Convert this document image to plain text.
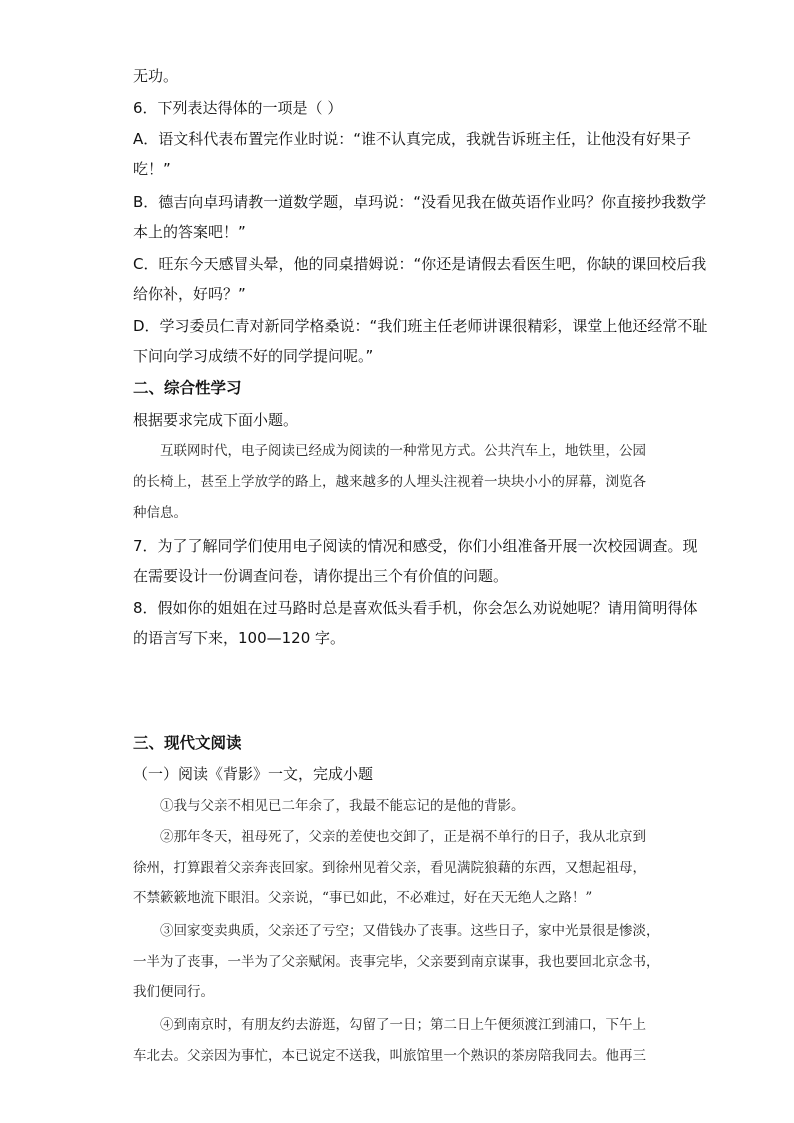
无功。
6．下列表达得体的一项是（ ）
A．语文科代表布置完作业时说：“谁不认真完成，我就告诉班主任，让他没有好果子
吃！”
B．德吉向卓玛请教一道数学题，卓玛说：“没看见我在做英语作业吗？你直接抄我数学
本上的答案吧！”
C．旺东今天感冒头晕，他的同桌措姆说：“你还是请假去看医生吧，你缺的课回校后我
给你补，好吗？”
D．学习委员仁青对新同学格桑说：“我们班主任老师讲课很精彩，课堂上他还经常不耻
下问向学习成绩不好的同学提问呢。”
二、综合性学习
根据要求完成下面小题。
互联网时代，电子阅读已经成为阅读的一种常见方式。公共汽车上，地铁里，公园
的长椅上，甚至上学放学的路上，越来越多的人埋头注视着一块块小小的屏幕，浏览各
种信息。
7．为了了解同学们使用电子阅读的情况和感受，你们小组准备开展一次校园调查。现
在需要设计一份调查问卷，请你提出三个有价值的问题。
8．假如你的姐姐在过马路时总是喜欢低头看手机，你会怎么劝说她呢？请用简明得体
的语言写下来，100—120 字。
三、现代文阅读
（一）阅读《背影》一文，完成小题
①我与父亲不相见已二年余了，我最不能忘记的是他的背影。
②那年冬天，祖母死了，父亲的差使也交卸了，正是祸不单行的日子，我从北京到
徐州，打算跟着父亲奔丧回家。到徐州见着父亲，看见满院狼藉的东西，又想起祖母，
不禁簌簌地流下眼泪。父亲说，“事已如此，不必难过，好在天无绝人之路！”
③回家变卖典质，父亲还了亏空；又借钱办了丧事。这些日子，家中光景很是惨淡，
一半为了丧事，一半为了父亲赋闲。丧事完毕，父亲要到南京谋事，我也要回北京念书，
我们便同行。
④到南京时，有朋友约去游逛，勾留了一日；第二日上午便须渡江到浦口，下午上
车北去。父亲因为事忙，本已说定不送我，叫旅馆里一个熟识的茶房陪我同去。他再三
